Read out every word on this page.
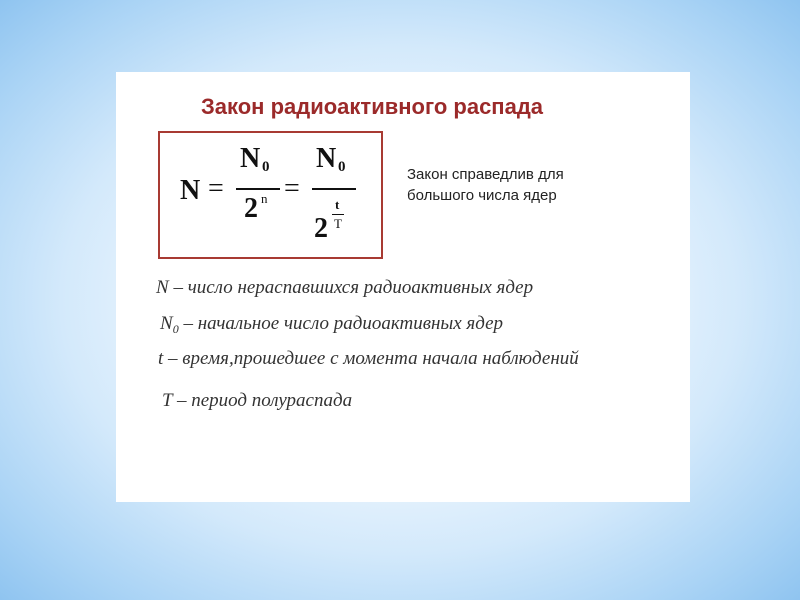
Закон радиоактивного распада
N =
N 0
2 n =
N 0
2
t
T
Закон справедлив для
большого числа ядер
N – число нераспавшихся радиоактивных ядер
$N_0$ – начальное число радиоактивных ядер
t – время,прошедшее с момента начала наблюдений
T – период полураспада
